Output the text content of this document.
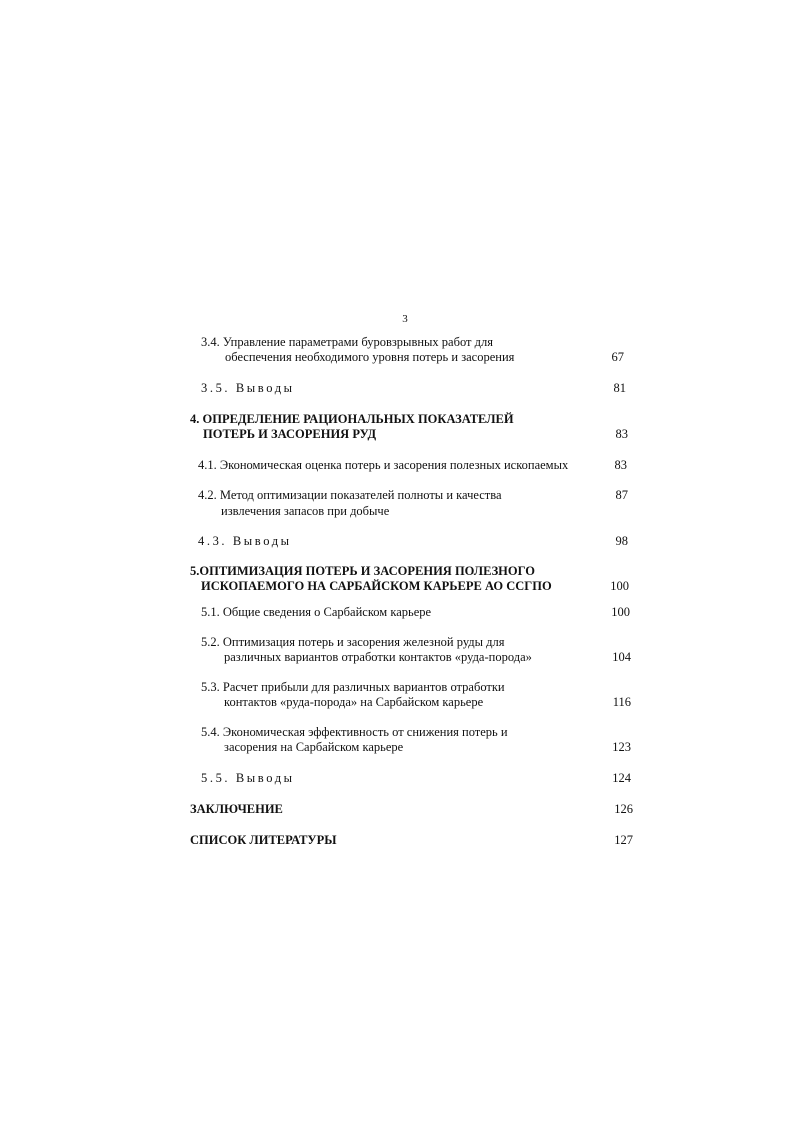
3
3.4. Управление параметрами буровзрывных работ для
обеспечения необходимого уровня потерь и засорения	67
3.5. Выводы	81
4. ОПРЕДЕЛЕНИЕ РАЦИОНАЛЬНЫХ ПОКАЗАТЕЛЕЙ
ПОТЕРЬ И ЗАСОРЕНИЯ РУД	83
4.1. Экономическая оценка потерь и засорения полезных ископаемых	83
4.2. Метод оптимизации показателей полноты и качества	87
извлечения запасов при добыче
4.3. Выводы	98
5.ОПТИМИЗАЦИЯ ПОТЕРЬ И ЗАСОРЕНИЯ ПОЛЕЗНОГО
ИСКОПАЕМОГО НА САРБАЙСКОМ КАРЬЕРЕ АО ССГПО	100
5.1. Общие сведения о Сарбайском карьере	100
5.2. Оптимизация потерь и засорения железной руды для
различных вариантов отработки контактов «руда-порода»	104
5.3. Расчет прибыли для различных вариантов отработки
контактов «руда-порода» на Сарбайском карьере	116
5.4. Экономическая эффективность от снижения потерь и
засорения на Сарбайском карьере	123
5.5. Выводы	124
ЗАКЛЮЧЕНИЕ	126
СПИСОК ЛИТЕРАТУРЫ	127
